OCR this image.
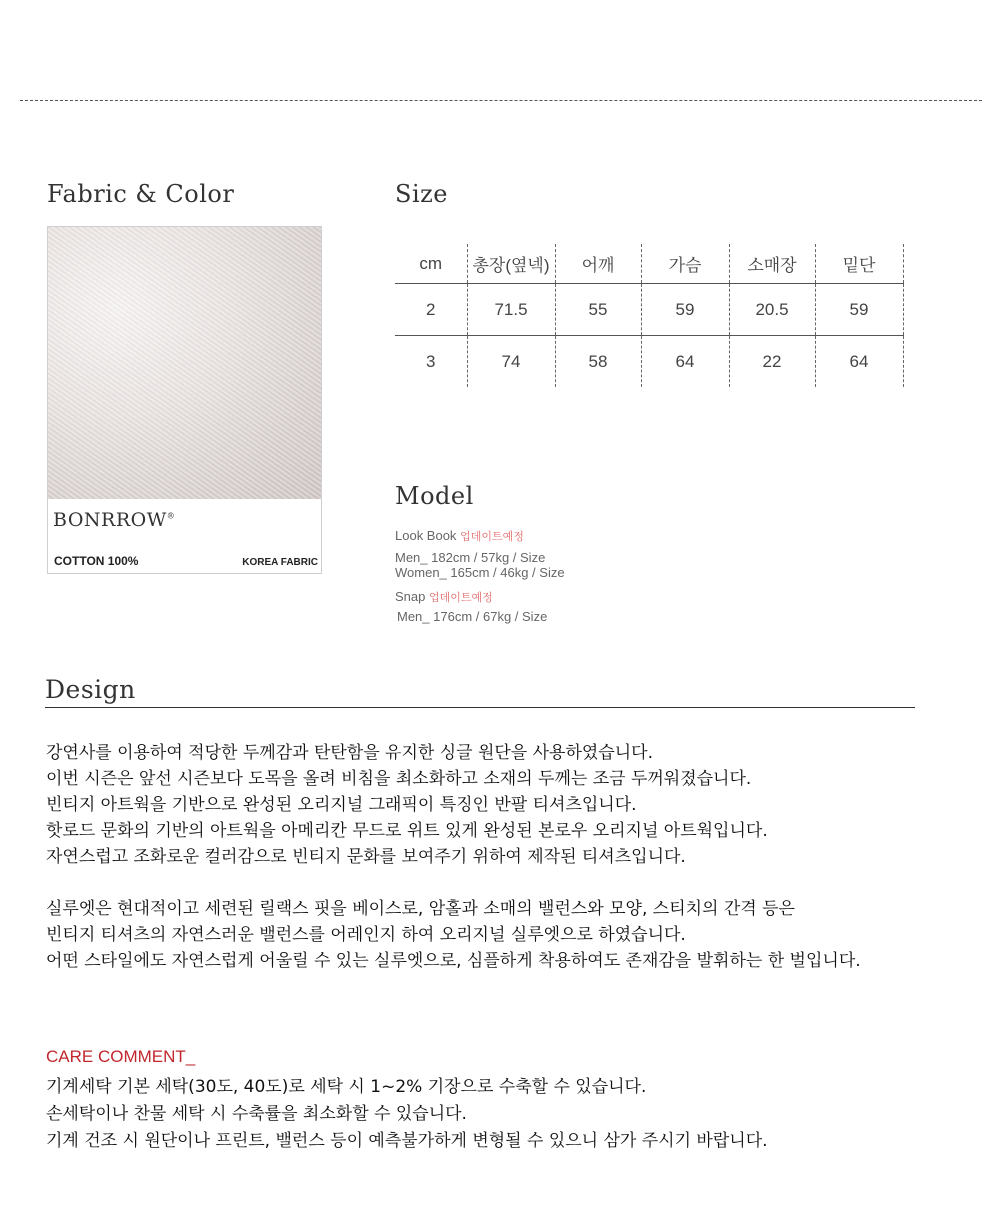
Fabric & Color
BONRROW®
COTTON 100%	KOREA FABRIC
Size
cm	총장(옆넥)	어깨	가슴	소매장	밑단
2	71.5	55	59	20.5	59
3	74	58	64	22	64
Model
Look Book 업데이트예정
Men_ 182cm / 57kg / Size
Women_ 165cm / 46kg / Size
Snap 업데이트예정
Men_ 176cm / 67kg / Size
Design

강연사를 이용하여 적당한 두께감과 탄탄함을 유지한 싱글 원단을 사용하였습니다.

이번 시즌은 앞선 시즌보다 도목을 올려 비침을 최소화하고 소재의 두께는 조금 두꺼워졌습니다.

빈티지 아트웍을 기반으로 완성된 오리지널 그래픽이 특징인 반팔 티셔츠입니다.

핫로드 문화의 기반의 아트웍을 아메리칸 무드로 위트 있게 완성된 본로우 오리지널 아트웍입니다.

자연스럽고 조화로운 컬러감으로 빈티지 문화를 보여주기 위하여 제작된 티셔츠입니다.

실루엣은 현대적이고 세련된 릴랙스 핏을 베이스로, 암홀과 소매의 밸런스와 모양, 스티치의 간격 등은

빈티지 티셔츠의 자연스러운 밸런스를 어레인지 하여 오리지널 실루엣으로 하였습니다.

어떤 스타일에도 자연스럽게 어울릴 수 있는 실루엣으로, 심플하게 착용하여도 존재감을 발휘하는 한 벌입니다.

CARE COMMENT_

기계세탁 기본 세탁(30도, 40도)로 세탁 시 1~2% 기장으로 수축할 수 있습니다.

손세탁이나 찬물 세탁 시 수축률을 최소화할 수 있습니다.

기계 건조 시 원단이나 프린트, 밸런스 등이 예측불가하게 변형될 수 있으니 삼가 주시기 바랍니다.
